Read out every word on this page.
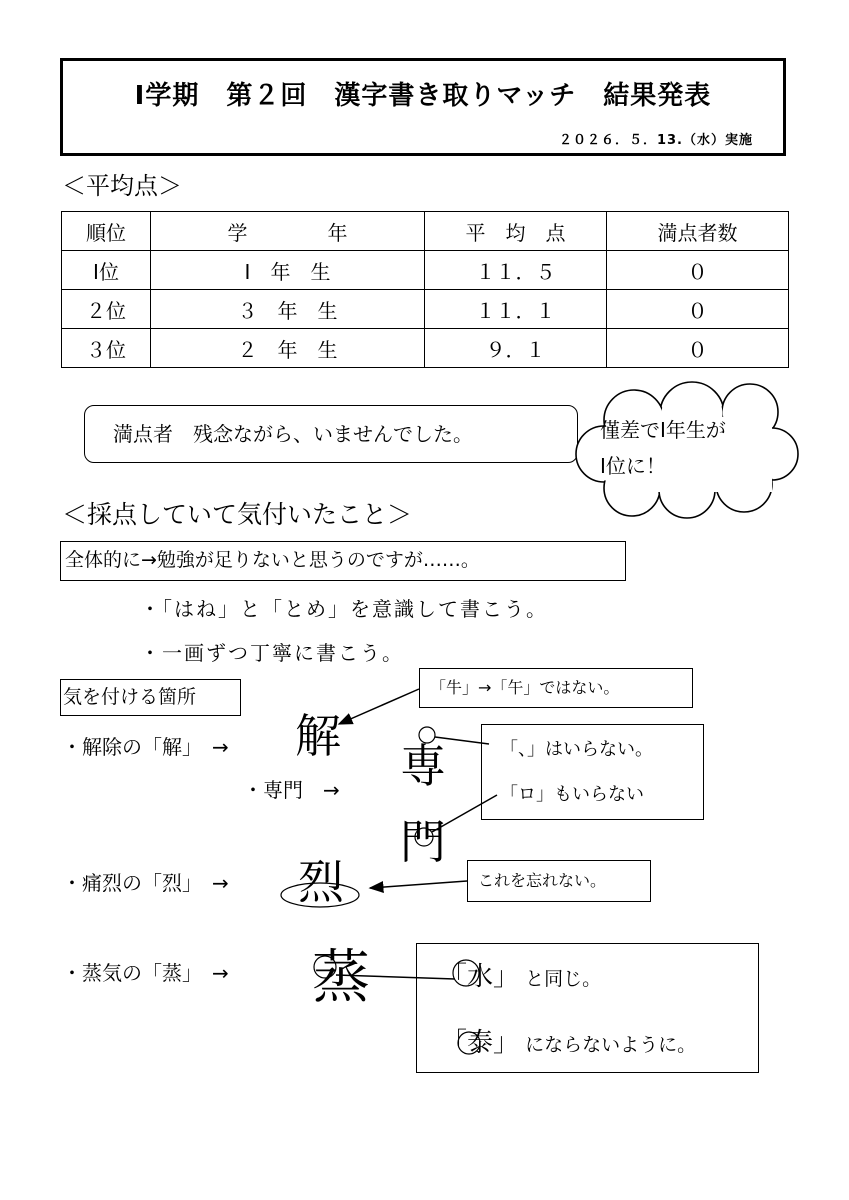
Ⅰ学期　第２回　漢字書き取りマッチ　結果発表
２０２６．５．13.（水）実施
＜平均点＞
順位	学　　　　年	平　均　点	満点者数
Ⅰ位	Ⅰ　年　生	１１．５	０
２位	３　年　生	１１．１	０
３位	２　年　生	９．１	０
満点者　残念ながら、いませんでした。	僅差でⅠ年生が
Ⅰ位に！
＜採点していて気付いたこと＞
全体的に→勉強が足りないと思うのですが……。
・「はね」と「とめ」を意識して書こう。
・一画ずつ丁寧に書こう。
気を付ける箇所	「牛」→「午」ではない。
「、」はいらない。
「ロ」もいらない
これを忘れない。
「水」 と同じ。
「泰」 にならないように。
・解除の「解」　→
・専門　→
・痛烈の「烈」　→
・蒸気の「蒸」　→
解
専
門
烈
蒸
